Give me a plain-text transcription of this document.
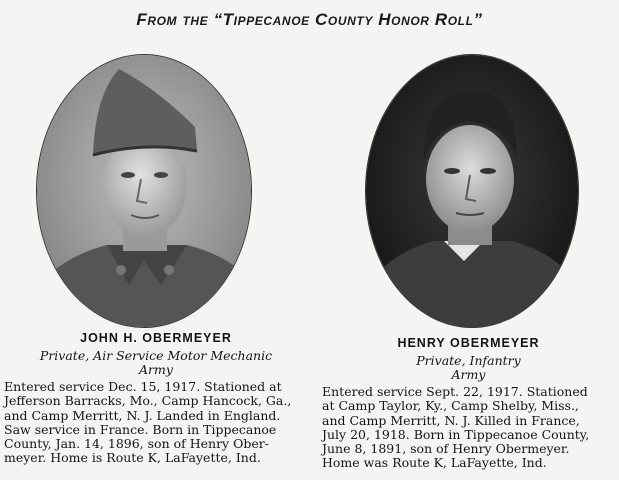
From the “Tippecanoe County Honor Roll”
JOHN H. OBERMEYER
Private, Air Service Motor Mechanic
Army
Entered service Dec. 15, 1917. Stationed at
Jefferson Barracks, Mo., Camp Hancock, Ga.,
and Camp Merritt, N. J. Landed in England.
Saw service in France. Born in Tippecanoe
County, Jan. 14, 1896, son of Henry Ober-
meyer. Home is Route K, LaFayette, Ind.
HENRY OBERMEYER
Private, Infantry
Army
Entered service Sept. 22, 1917. Stationed
at Camp Taylor, Ky., Camp Shelby, Miss.,
and Camp Merritt, N. J. Killed in France,
July 20, 1918. Born in Tippecanoe County,
June 8, 1891, son of Henry Obermeyer.
Home was Route K, LaFayette, Ind.
